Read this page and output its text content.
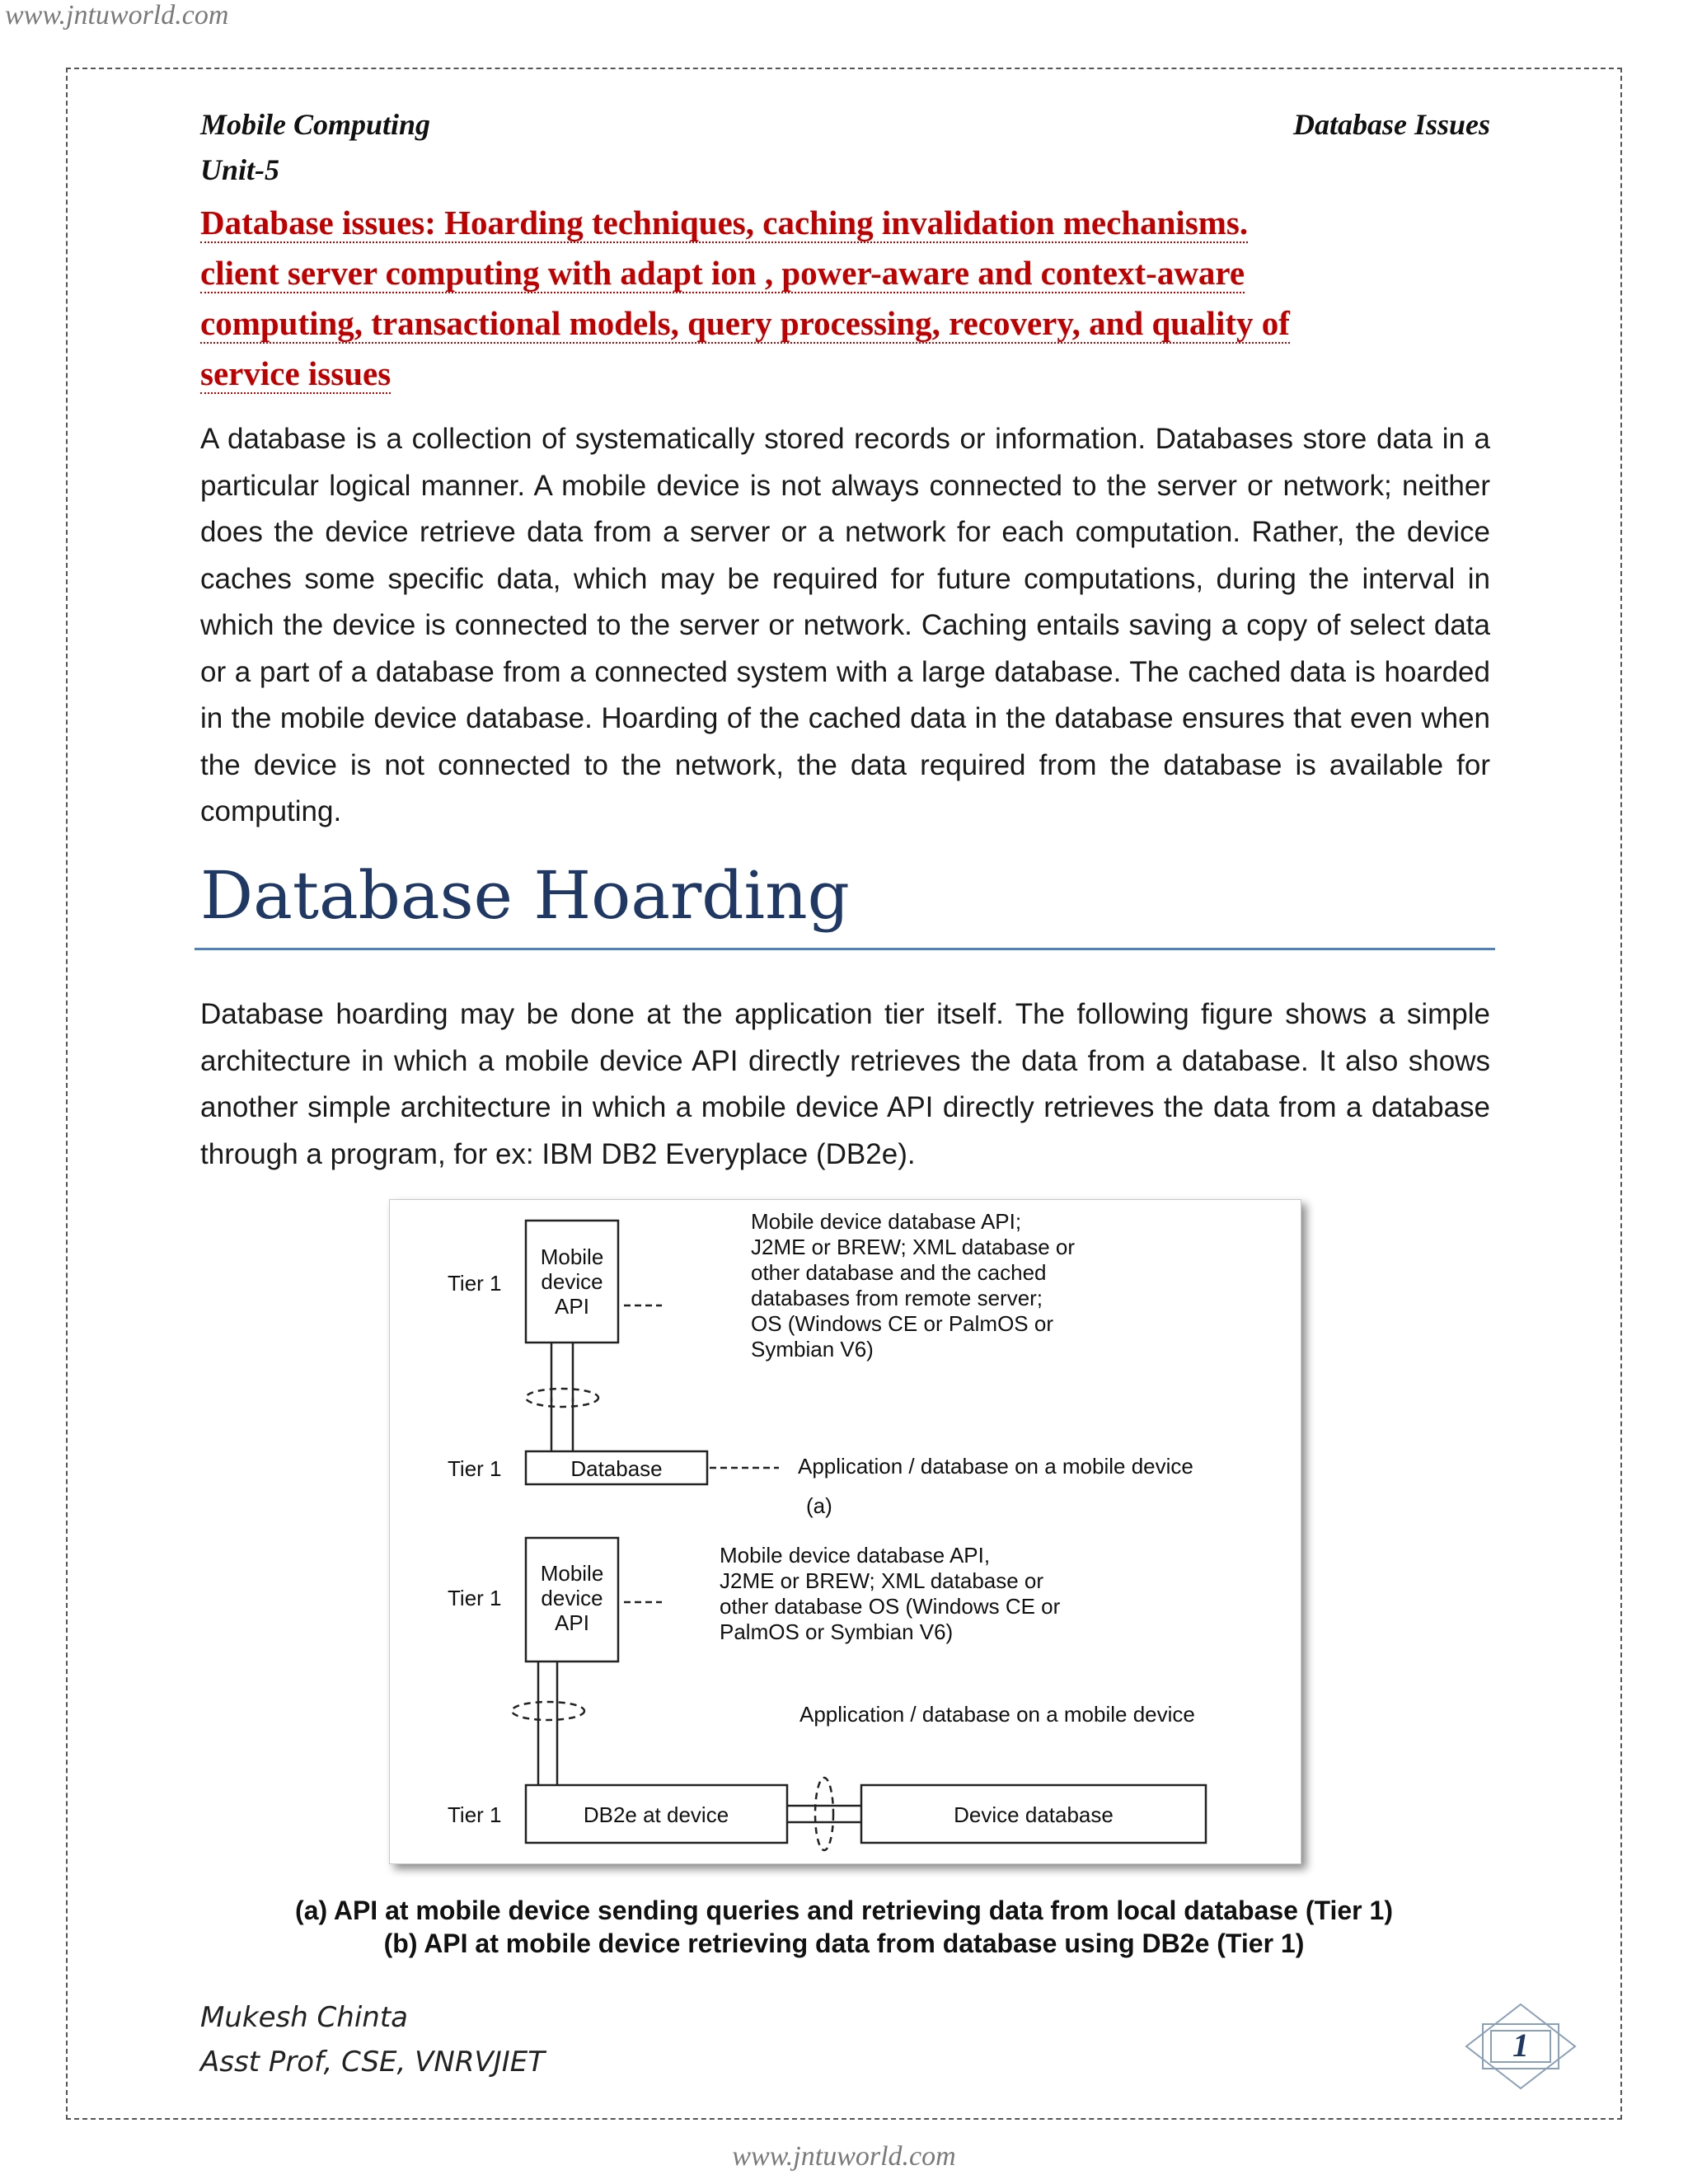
www.jntuworld.com
Mobile Computing
Unit-5
Database Issues
Database issues: Hoarding techniques, caching invalidation mechanisms.
client server computing with adapt ion , power-aware and context-aware
computing, transactional models, query processing, recovery, and quality of
service issues
A database is a collection of systematically stored records or information. Databases store data in a particular logical manner. A mobile device is not always connected to the server or network; neither does the device retrieve data from a server or a network for each computation. Rather, the device caches some specific data, which may be required for future computations, during the interval in which the device is connected to the server or network. Caching entails saving a copy of select data or a part of a database from a connected system with a large database. The cached data is hoarded in the mobile device database. Hoarding of the cached data in the database ensures that even when the device is not connected to the network, the data required from the database is available for computing.
Database Hoarding
Database hoarding may be done at the application tier itself. The following figure shows a simple architecture in which a mobile device API directly retrieves the data from a database. It also shows another simple architecture in which a mobile device API directly retrieves the data from a database through a program, for ex: IBM DB2 Everyplace (DB2e).
Tier 1
Mobile
device
API
Mobile device database API;
J2ME or BREW; XML database or
other database and the cached
databases from remote server;
OS (Windows CE or PalmOS or
Symbian V6)
Tier 1	Database	Application / database on a mobile device
(a)
Tier 1
Mobile
device
API
Mobile device database API,
J2ME or BREW; XML database or
other database OS (Windows CE or
PalmOS or Symbian V6)
Application / database on a mobile device
Tier 1	DB2e at device	Device database
(a) API at mobile device sending queries and retrieving data from local database (Tier 1)
(b) API at mobile device retrieving data from database using DB2e (Tier 1)
Mukesh Chinta
Asst Prof, CSE, VNRVJIET	1
www.jntuworld.com
